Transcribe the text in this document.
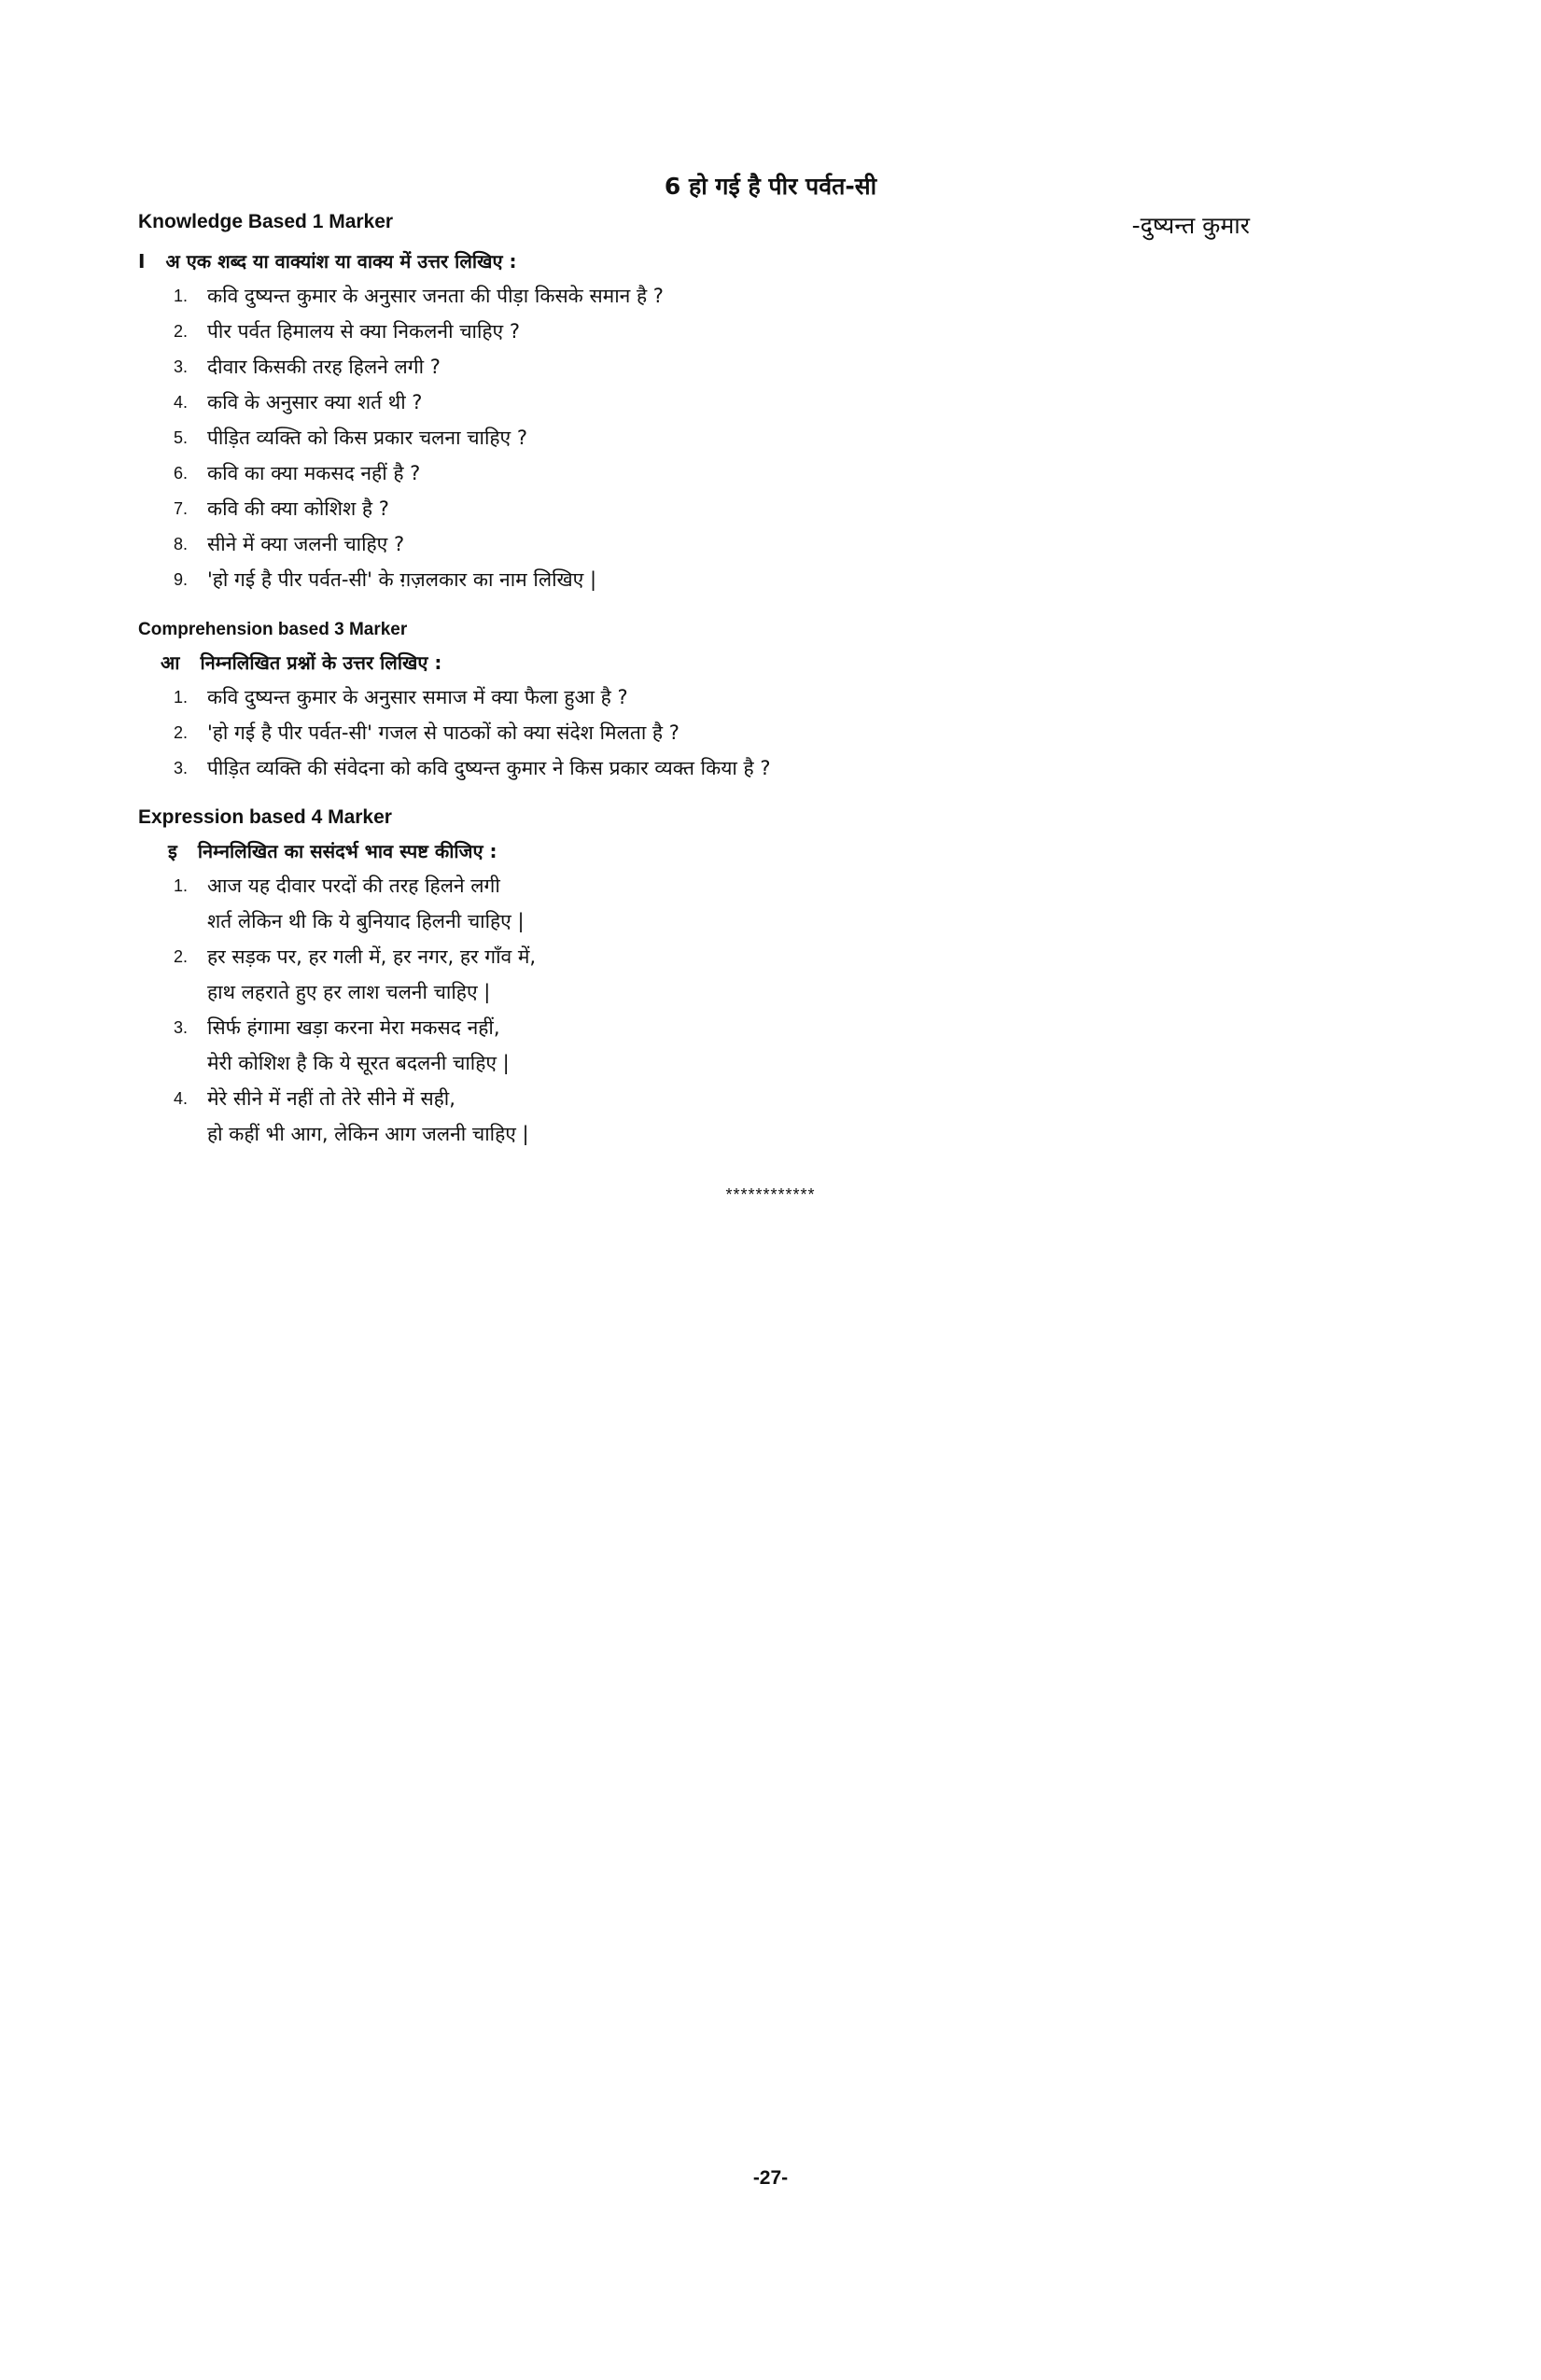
6 हो गई है पीर पर्वत-सी
Knowledge Based 1 Marker	-दुष्यन्त कुमार
I अ एक शब्द या वाक्यांश या वाक्य में उत्तर लिखिए :
1. कवि दुष्यन्त कुमार के अनुसार जनता की पीड़ा किसके समान है ?
2. पीर पर्वत हिमालय से क्या निकलनी चाहिए ?
3. दीवार किसकी तरह हिलने लगी ?
4. कवि के अनुसार क्या शर्त थी ?
5. पीड़ित व्यक्ति को किस प्रकार चलना चाहिए ?
6. कवि का क्या मकसद नहीं है ?
7. कवि की क्या कोशिश है ?
8. सीने में क्या जलनी चाहिए ?
9. 'हो गई है पीर पर्वत-सी' के ग़ज़लकार का नाम लिखिए |
Comprehension based 3 Marker
आ निम्नलिखित प्रश्नों के उत्तर लिखिए :
1. कवि दुष्यन्त कुमार के अनुसार समाज में क्या फैला हुआ है ?
2. 'हो गई है पीर पर्वत-सी' गजल से पाठकों को क्या संदेश मिलता है ?
3. पीड़ित व्यक्ति की संवेदना को कवि दुष्यन्त कुमार ने किस प्रकार व्यक्त किया है ?
Expression based 4 Marker
इ निम्नलिखित का ससंदर्भ भाव स्पष्ट कीजिए :
1. आज यह दीवार परदों की तरह हिलने लगी
शर्त लेकिन थी कि ये बुनियाद हिलनी चाहिए |
2. हर सड़क पर, हर गली में, हर नगर, हर गाँव में,
हाथ लहराते हुए हर लाश चलनी चाहिए |
3. सिर्फ हंगामा खड़ा करना मेरा मकसद नहीं,
मेरी कोशिश है कि ये सूरत बदलनी चाहिए |
4. मेरे सीने में नहीं तो तेरे सीने में सही,
हो कहीं भी आग, लेकिन आग जलनी चाहिए |
************
-27-
